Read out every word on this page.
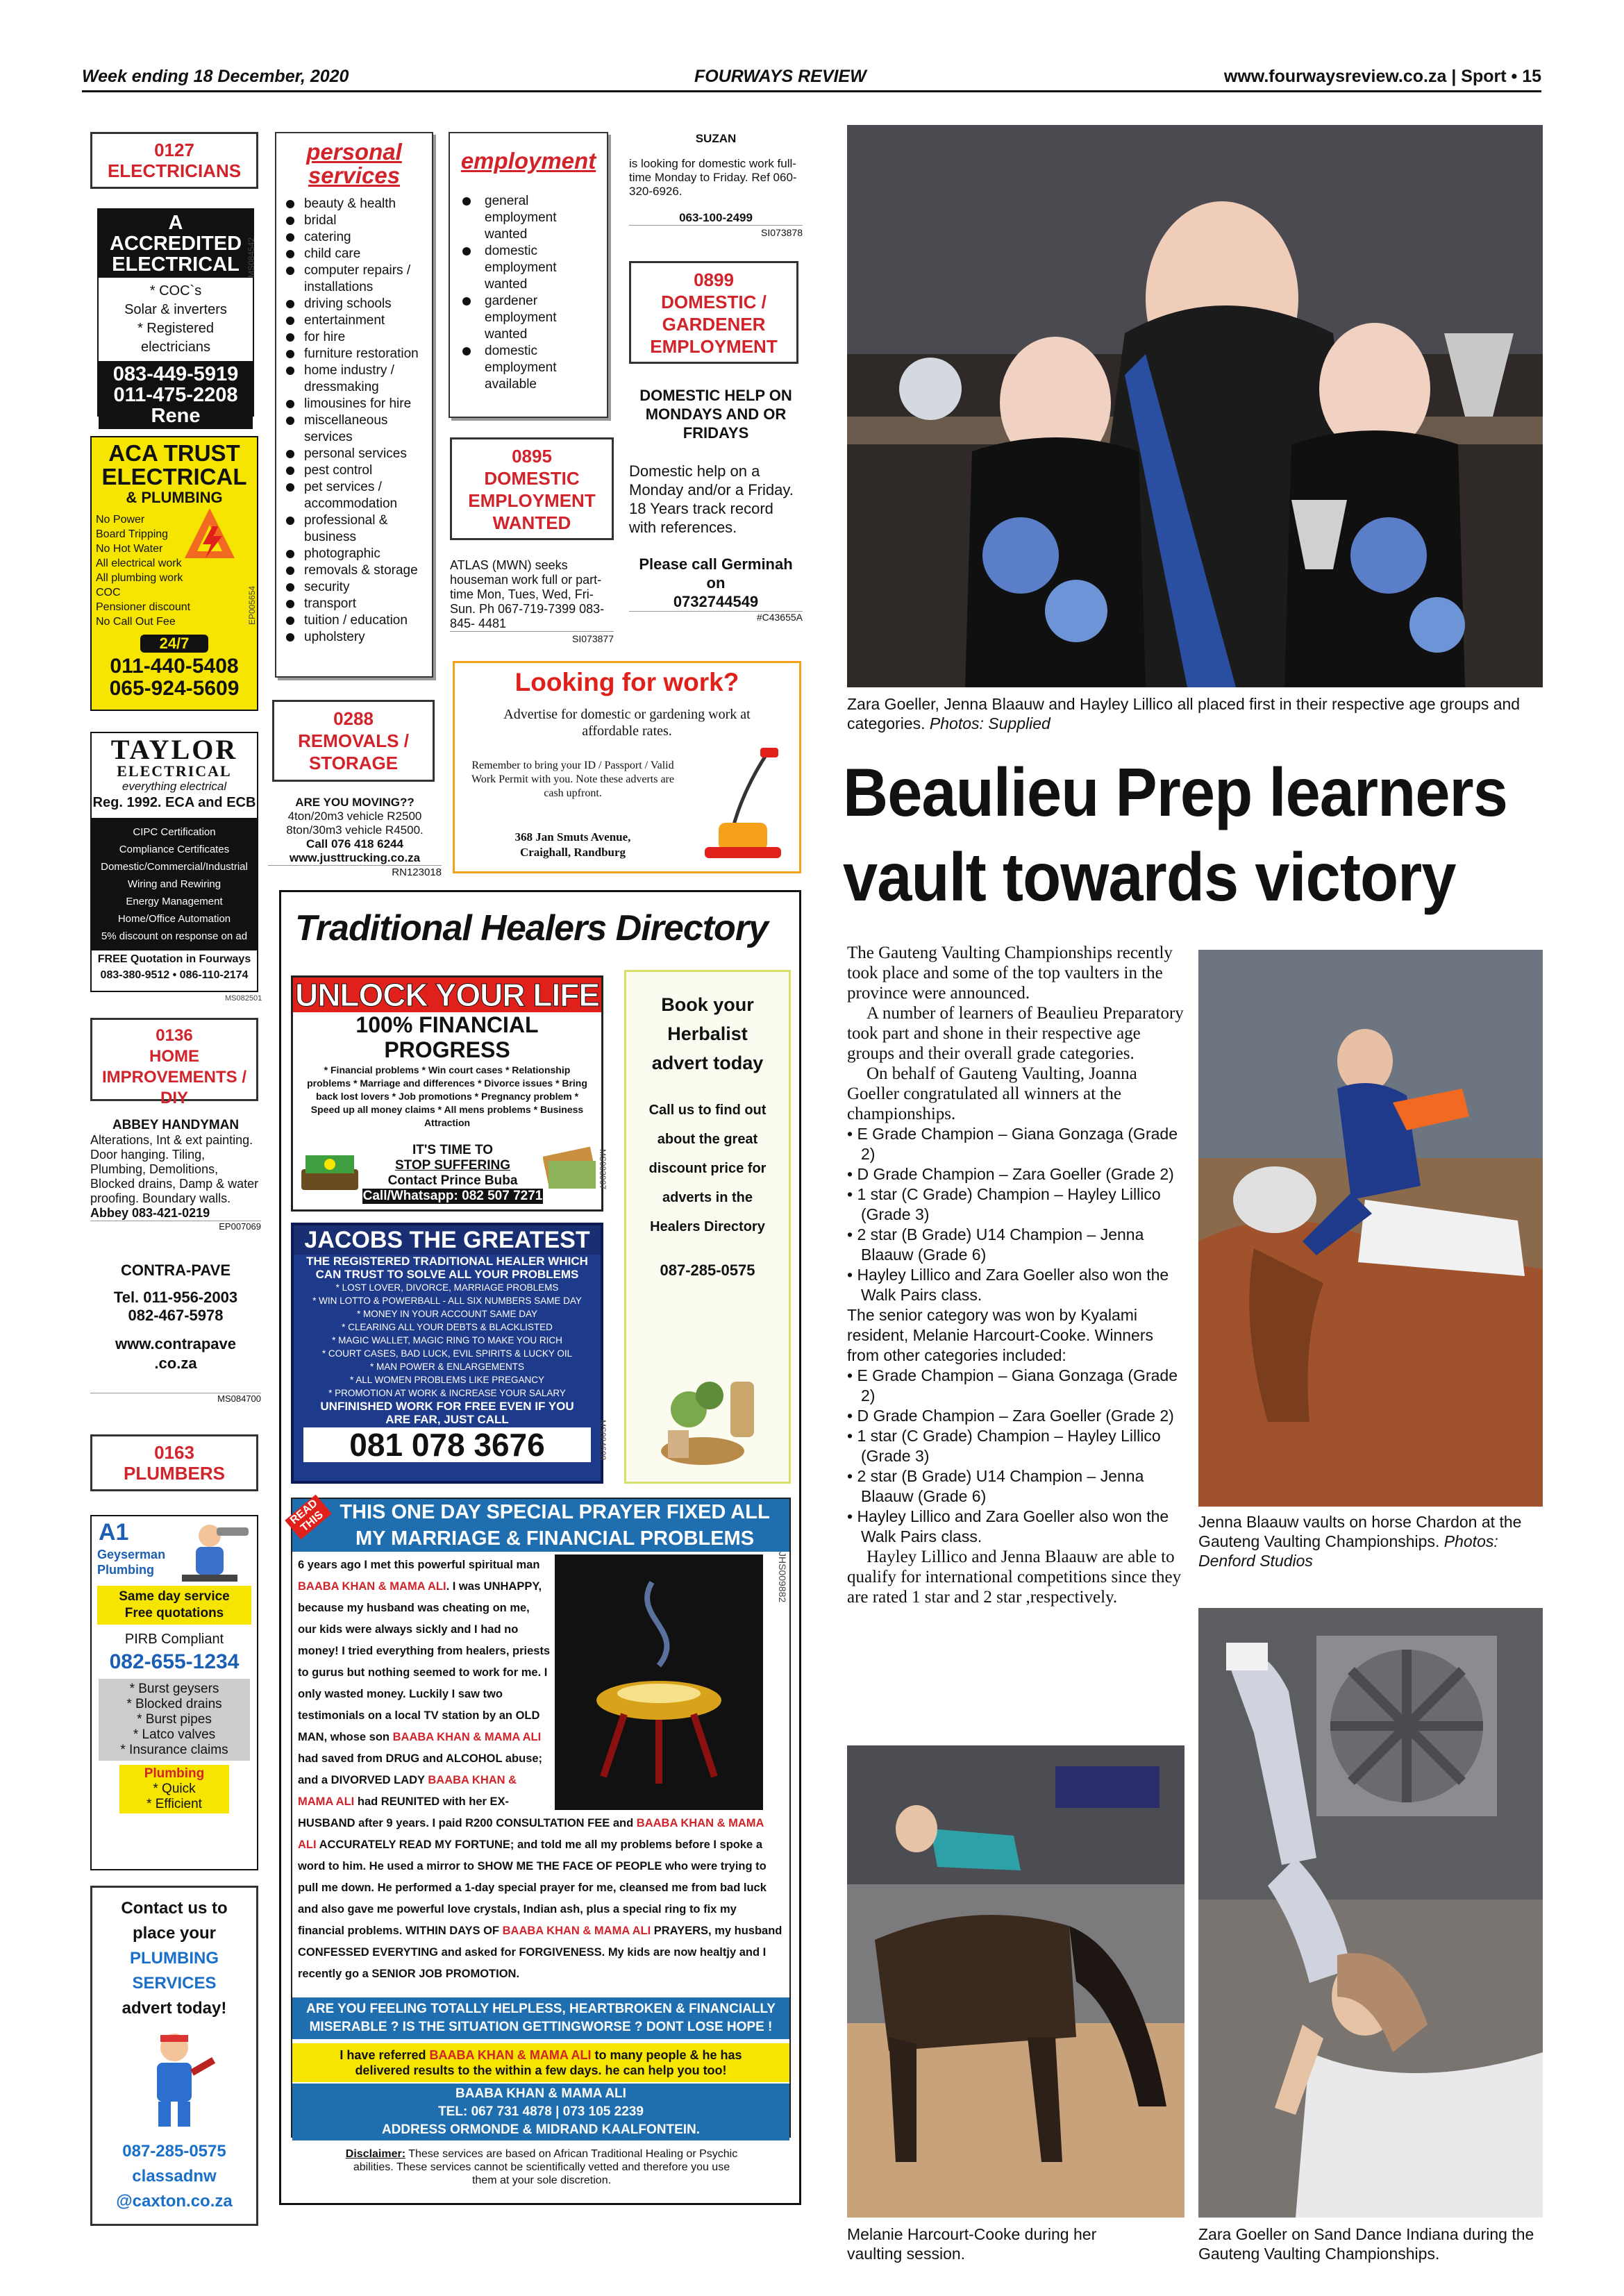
Week ending 18 December, 2020	FOURWAYS REVIEW	www.fourwaysreview.co.za | Sport • 15
0127
ELECTRICIANS
A ACCREDITED ELECTRICAL
* COC`s
Solar & inverters
* Registered
electricians
083-449-5919
011-475-2208
Rene
MS084542
ACA TRUST ELECTRICAL
& PLUMBING
No Power
Board Tripping
No Hot Water
All electrical work
All plumbing work
COC
Pensioner discount
No Call Out Fee
24/7
011-440-5408
065-924-5609
EP005654
TAYLOR
ELECTRICAL
everything electrical
Reg. 1992. ECA and ECB
CIPC Certification
Compliance Certificates
Domestic/Commercial/Industrial
Wiring and Rewiring
Energy Management
Home/Office Automation
5% discount on response on ad
FREE Quotation in Fourways
083-380-9512 • 086-110-2174
MS082501
0136
HOME IMPROVEMENTS / DIY
ABBEY HANDYMAN
Alterations, Int & ext painting. Door hanging. Tiling, Plumbing, Demolitions, Blocked drains, Damp & water proofing. Boundary walls.
Abbey 083-421-0219
EP007069
CONTRA-PAVE
Tel. 011-956-2003
082-467-5978
www.contrapave .co.za
MS084700
0163
PLUMBERS
A1
Geyserman Plumbing
Same day service
Free quotations
PIRB Compliant
082-655-1234
* Burst geysers
* Blocked drains
* Burst pipes
* Latco valves
* Insurance claims
Plumbing
* Quick
* Efficient
Contact us to
place your
PLUMBING
SERVICES
advert today!
087-285-0575
classadnw
@caxton.co.za
personal
services
beauty & health
bridal
catering
child care
computer repairs / installations
driving schools
entertainment
for hire
furniture restoration
home industry / dressmaking
limousines for hire
miscellaneous services
personal services
pest control
pet services / accommodation
professional & business
photographic
removals & storage
security
transport
tuition / education
upholstery
0288
REMOVALS / STORAGE
ARE YOU MOVING??
4ton/20m3 vehicle R2500
8ton/30m3 vehicle R4500.
Call 076 418 6244
www.justtrucking.co.za
RN123018
employment
general employment wanted
domestic employment wanted
gardener employment wanted
domestic employment available
0895
DOMESTIC EMPLOYMENT WANTED
ATLAS (MWN) seeks houseman work full or part-time Mon, Tues, Wed, Fri- Sun. Ph 067-719-7399 083-845- 4481
SI073877
SUZAN
is looking for domestic work full-time Monday to Friday. Ref 060-320-6926.
063-100-2499
SI073878
0899
DOMESTIC / GARDENER EMPLOYMENT
DOMESTIC HELP ON MONDAYS AND OR FRIDAYS
Domestic help on a Monday and/or a Friday. 18 Years track record with references.
Please call Germinah on
0732744549
#C43655A
Looking for work?
Advertise for domestic or gardening work at affordable rates.
Remember to bring your ID / Passport / Valid Work Permit with you. Note these adverts are cash upfront.
368 Jan Smuts Avenue,
Craighall, Randburg
Traditional Healers Directory
UNLOCK YOUR LIFE
100% FINANCIAL PROGRESS
* Financial problems * Win court cases * Relationship problems * Marriage and differences * Divorce issues * Bring back lost lovers * Job promotions * Pregnancy problem * Speed up all money claims * All mens problems * Business Attraction
IT'S TIME TO
STOP SUFFERING
Contact Prince Buba
Call/Whatsapp: 082 507 7271
MS083907
JACOBS THE GREATEST
THE REGISTERED TRADITIONAL HEALER WHICH CAN TRUST TO SOLVE ALL YOUR PROBLEMS
* LOST LOVER, DIVORCE, MARRIAGE PROBLEMS
* WIN LOTTO & POWERBALL - ALL SIX NUMBERS SAME DAY
* MONEY IN YOUR ACCOUNT SAME DAY
* CLEARING ALL YOUR DEBTS & BLACKLISTED
* MAGIC WALLET, MAGIC RING TO MAKE YOU RICH
* COURT CASES, BAD LUCK, EVIL SPIRITS & LUCKY OIL
* MAN POWER & ENLARGEMENTS
* ALL WOMEN PROBLEMS LIKE PREGANCY
* PROMOTION AT WORK & INCREASE YOUR SALARY
UNFINISHED WORK FOR FREE EVEN IF YOU ARE FAR, JUST CALL
081 078 3676	MS084608
Book your
Herbalist
advert today
Call us to find out
about the great
discount price for
adverts in the
Healers Directory
087-285-0575
READ THIS THIS ONE DAY SPECIAL PRAYER FIXED ALL
MY MARRIAGE & FINANCIAL PROBLEMS

6 years ago I met this powerful spiritual man BAABA KHAN & MAMA ALI. I was UNHAPPY, because my husband was cheating on me, our kids were always sickly and I had no money! I tried everything from healers, priests to gurus but nothing seemed to work for me. I only wasted money. Luckily I saw two testimonials on a local TV station by an OLD MAN, whose son BAABA KHAN & MAMA ALI had saved from DRUG and ALCOHOL abuse; and a DIVORVED LADY BAABA KHAN & MAMA ALI had REUNITED with her EX-HUSBAND after 9 years. I paid R200 CONSULTATION FEE and BAABA KHAN & MAMA ALI ACCURATELY READ MY FORTUNE; and told me all my problems before I spoke a word to him. He used a mirror to SHOW ME THE FACE OF PEOPLE who were trying to pull me down. He performed a 1-day special prayer for me, cleansed me from bad luck and also gave me powerful love crystals, Indian ash, plus a special ring to fix my financial problems. WITHIN DAYS OF BAABA KHAN & MAMA ALI PRAYERS, my husband CONFESSED EVERYTING and asked for FORGIVENESS. My kids are now healtjy and I recently go a SENIOR JOB PROMOTION.

ARE YOU FEELING TOTALLY HELPLESS, HEARTBROKEN & FINANCIALLY MISERABLE ? IS THE SITUATION GETTINGWORSE ? DONT LOSE HOPE !
I have referred BAABA KHAN & MAMA ALI to many people & he has delivered results to the within a few days. he can help you too!
BAABA KHAN & MAMA ALI
TEL: 067 731 4878 | 073 105 2239
ADDRESS ORMONDE & MIDRAND KAALFONTEIN.
JHS009882
Disclaimer: These services are based on African Traditional Healing or Psychic abilities. These services cannot be scientifically vetted and therefore you use them at your sole discretion.
Zara Goeller, Jenna Blaauw and Hayley Lillico all placed first in their respective age groups and categories. Photos: Supplied
Beaulieu Prep learners
vault towards victory

The Gauteng Vaulting Championships recently took place and some of the top vaulters in the province were announced.

A number of learners of Beaulieu Preparatory took part and shone in their respective age groups and their overall grade categories.

On behalf of Gauteng Vaulting, Joanna Goeller congratulated all winners at the championships.

• E Grade Champion – Giana Gonzaga (Grade 2)

• D Grade Champion – Zara Goeller (Grade 2)

• 1 star (C Grade) Champion – Hayley Lillico (Grade 3)

• 2 star (B Grade) U14 Champion – Jenna Blaauw (Grade 6)

• Hayley Lillico and Zara Goeller also won the Walk Pairs class.

The senior category was won by Kyalami resident, Melanie Harcourt-Cooke. Winners from other categories included:

• E Grade Champion – Giana Gonzaga (Grade 2)

• D Grade Champion – Zara Goeller (Grade 2)

• 1 star (C Grade) Champion – Hayley Lillico (Grade 3)

• 2 star (B Grade) U14 Champion – Jenna Blaauw (Grade 6)

• Hayley Lillico and Zara Goeller also won the Walk Pairs class.

Hayley Lillico and Jenna Blaauw are able to qualify for international competitions since they are rated 1 star and 2 star ,respectively.

Jenna Blaauw vaults on horse Chardon at the Gauteng Vaulting Championships. Photos: Denford Studios
Melanie Harcourt-Cooke during her vaulting session.
Zara Goeller on Sand Dance Indiana during the Gauteng Vaulting Championships.
